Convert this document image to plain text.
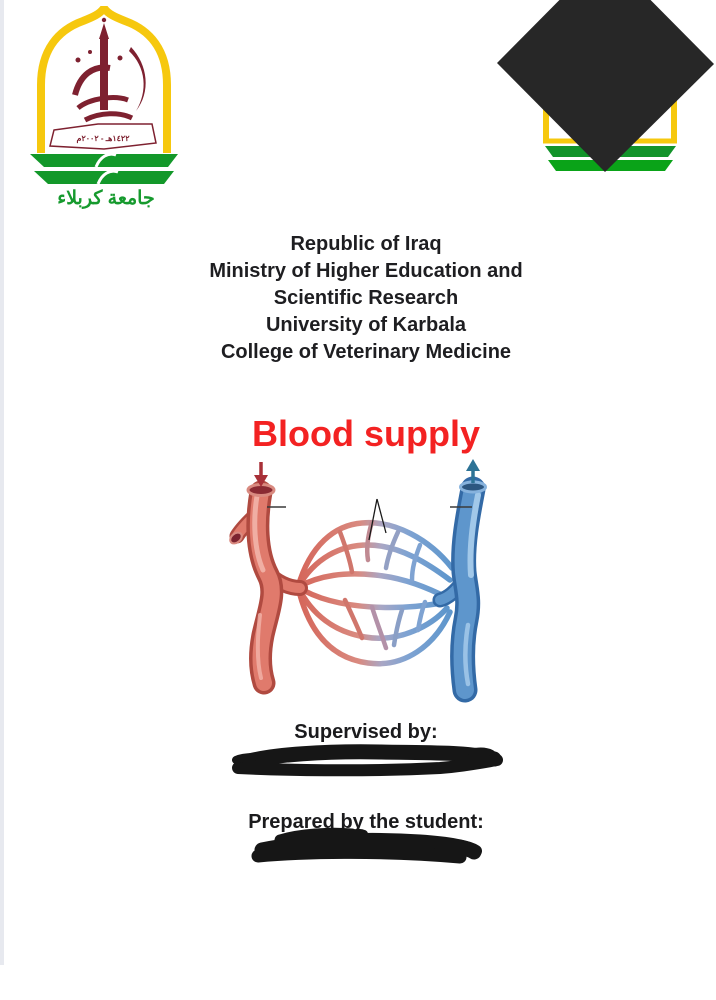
١٤٢٢هـ - ٢٠٠٢م
جامعة كربلاء
Republic of Iraq
Ministry of Higher Education and
Scientific Research
University of Karbala
College of Veterinary Medicine
Blood supply
Supervised by:
Prepared by the student:
